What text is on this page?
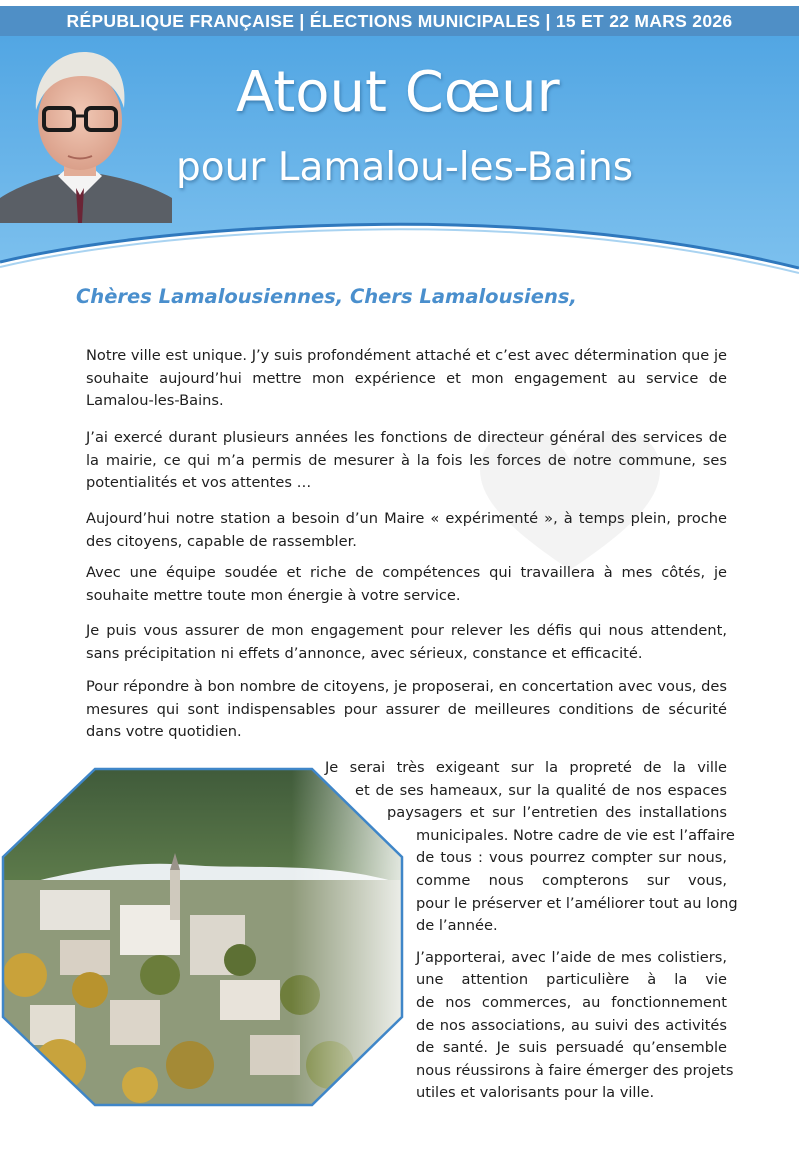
RÉPUBLIQUE FRANÇAISE | ÉLECTIONS MUNICIPALES | 15 ET 22 MARS 2026
Atout Cœur
pour Lamalou-les-Bains
Chères Lamalousiennes, Chers Lamalousiens,

Notre ville est unique. J’y suis profondément attaché et c’est avec détermination que je souhaite aujourd’hui mettre mon expérience et mon engagement au service de Lamalou-les-Bains.

J’ai exercé durant plusieurs années les fonctions de directeur général des services de la mairie, ce qui m’a permis de mesurer à la fois les forces de notre commune, ses potentialités et vos attentes …

Aujourd’hui notre station a besoin d’un Maire « expérimenté », à temps plein, proche des citoyens, capable de rassembler.

Avec une équipe soudée et riche de compétences qui travaillera à mes côtés, je souhaite mettre toute mon énergie à votre service.

Je puis vous assurer de mon engagement pour relever les défis qui nous attendent, sans précipitation ni effets d’annonce, avec sérieux, constance et efficacité.

Pour répondre à bon nombre de citoyens, je proposerai, en concertation avec vous, des mesures qui sont indispensables pour assurer de meilleures conditions de sécurité dans votre quotidien.

Je serai très exigeant sur la propreté de la ville
et de ses hameaux, sur la qualité de nos espaces
paysagers et sur l’entretien des installations
municipales. Notre cadre de vie est l’affaire
de tous : vous pourrez compter sur nous,
comme nous compterons sur vous,
pour le préserver et l’améliorer tout au long
de l’année.
J’apporterai, avec l’aide de mes colistiers,
une attention particulière à la vie
de nos commerces, au fonctionnement
de nos associations, au suivi des activités
de santé. Je suis persuadé qu’ensemble
nous réussirons à faire émerger des projets
utiles et valorisants pour la ville.
